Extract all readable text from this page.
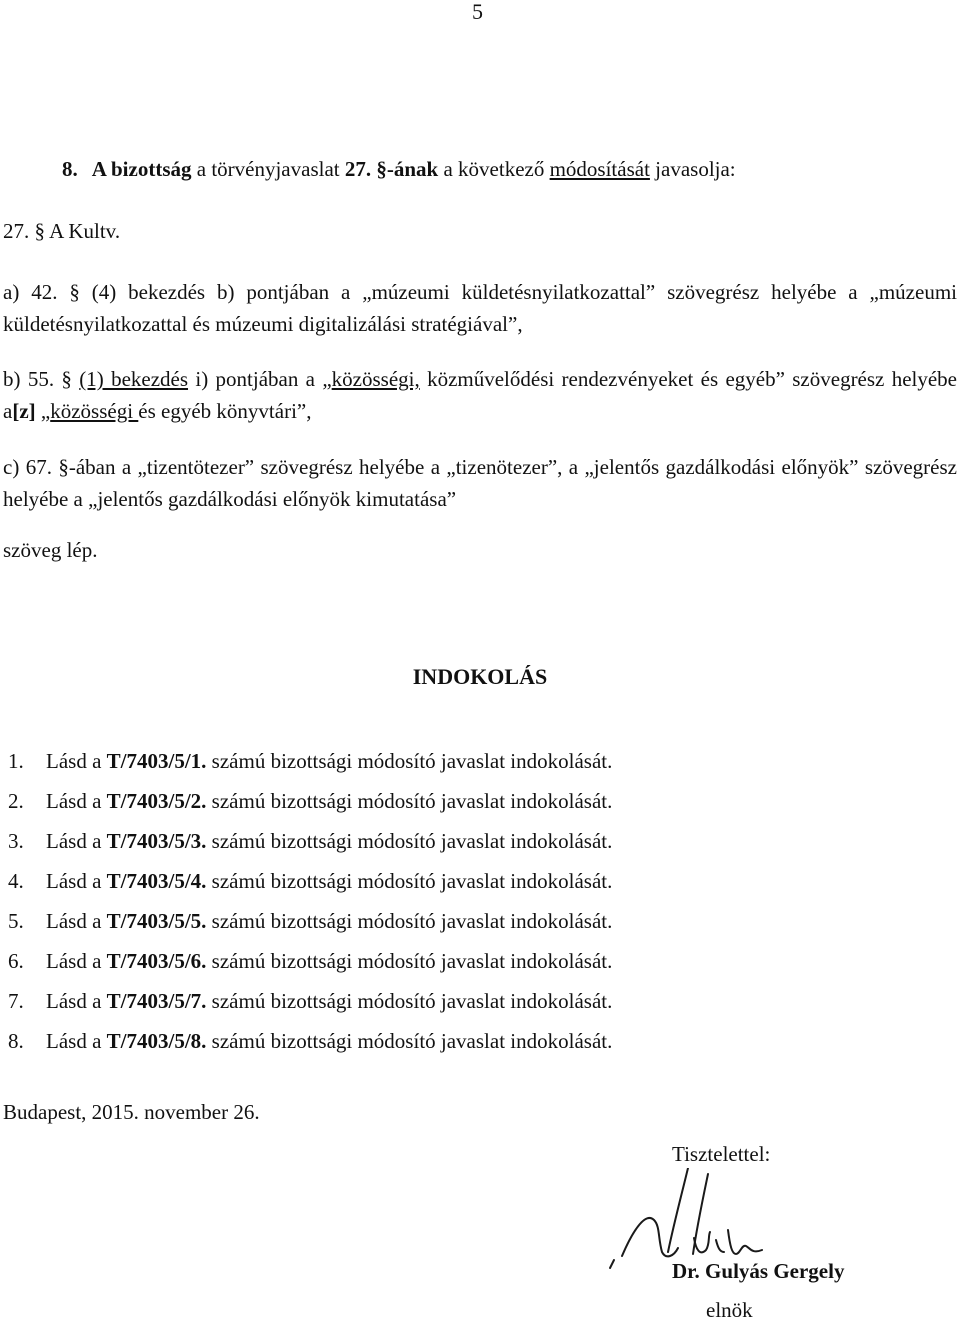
5
8. A bizottság a törvényjavaslat 27. §-ának a következő módosítását javasolja:
27. § A Kultv.
a) 42. § (4) bekezdés b) pontjában a „múzeumi küldetésnyilatkozattal” szövegrész helyébe a „múzeumi küldetésnyilatkozattal és múzeumi digitalizálási stratégiával”,
b) 55. § (1) bekezdés i) pontjában a „közösségi, közművelődési rendezvényeket és egyéb” szövegrész helyébe a[z] „közösségi és egyéb könyvtári”,
c) 67. §-ában a „tizentötezer” szövegrész helyébe a „tizenötezer”, a „jelentős gazdálkodási előnyök” szövegrész helyébe a „jelentős gazdálkodási előnyök kimutatása”
szöveg lép.
INDOKOLÁS
1. Lásd a T/7403/5/1. számú bizottsági módosító javaslat indokolását.
2. Lásd a T/7403/5/2. számú bizottsági módosító javaslat indokolását.
3. Lásd a T/7403/5/3. számú bizottsági módosító javaslat indokolását.
4. Lásd a T/7403/5/4. számú bizottsági módosító javaslat indokolását.
5. Lásd a T/7403/5/5. számú bizottsági módosító javaslat indokolását.
6. Lásd a T/7403/5/6. számú bizottsági módosító javaslat indokolását.
7. Lásd a T/7403/5/7. számú bizottsági módosító javaslat indokolását.
8. Lásd a T/7403/5/8. számú bizottsági módosító javaslat indokolását.
Budapest, 2015. november 26.
Tisztelettel:
Dr. Gulyás Gergely
elnök
